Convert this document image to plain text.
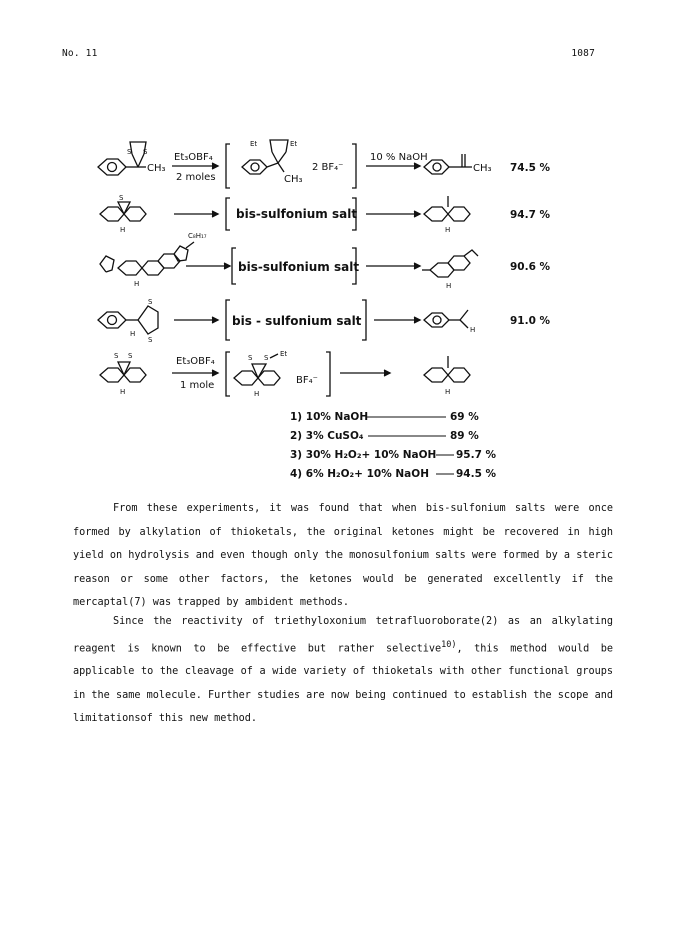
No. 11	1087
S S
CH₃
Et₃OBF₄
2 moles	CH₃
Et	Et
2 BF₄⁻
10 % NaOH
CH₃ 74.5 %
S
H
bis-sulfonium salt
H
94.7 %
C₈H₁₇
H
bis-sulfonium salt
H
90.6 %
S
S
H
bis - sulfonium salt
H
91.0 %
S S
H
Et₃OBF₄
1 mole
S S Et
H
BF₄⁻
H
1) 10% NaOH	69 %
2) 3% CuSO₄	89 %
3) 30% H₂O₂+ 10% NaOH 95.7 %
4) 6% H₂O₂+ 10% NaOH	94.5 %

From these experiments, it was found that when bis-sulfonium salts were once formed by alkylation of thioketals, the original ketones might be recovered in high yield on hydrolysis and even though only the monosulfonium salts were formed by a steric reason or some other factors, the ketones would be generated excellently if the mercaptal(7) was trapped by ambident methods.

Since the reactivity of triethyloxonium tetrafluoroborate(2) as an alkylating reagent is known to be effective but rather selective$^{10)}$, this method would be applicable to the cleavage of a wide variety of thioketals with other functional groups in the same molecule. Further studies are now being continued to establish the scope and limitationsof this new method.
